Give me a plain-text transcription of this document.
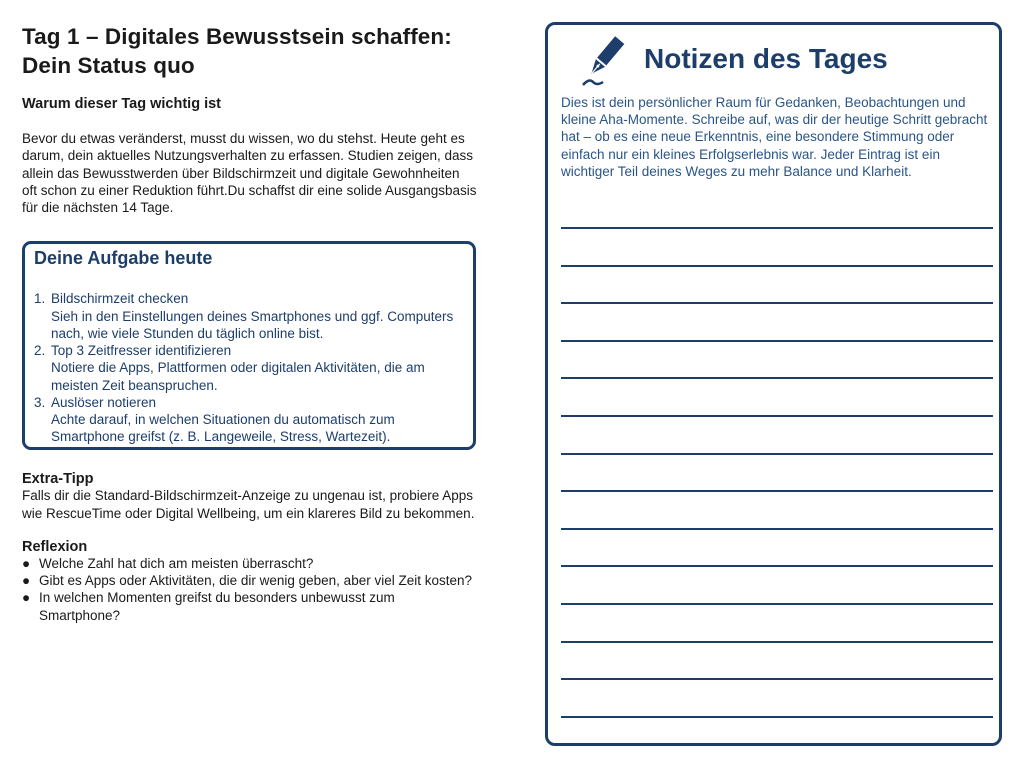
Tag 1 – Digitales Bewusstsein schaffen: Dein Status quo
Warum dieser Tag wichtig ist

Bevor du etwas veränderst, musst du wissen, wo du stehst. Heute geht es darum, dein aktuelles Nutzungsverhalten zu erfassen. Studien zeigen, dass allein das Bewusstwerden über Bildschirmzeit und digitale Gewohnheiten oft schon zu einer Reduktion führt.Du schaffst dir eine solide Ausgangsbasis für die nächsten 14 Tage.

Deine Aufgabe heute
1. Bildschirmzeit checken
Sieh in den Einstellungen deines Smartphones und ggf. Computers nach, wie viele Stunden du täglich online bist.
2. Top 3 Zeitfresser identifizieren
Notiere die Apps, Plattformen oder digitalen Aktivitäten, die am meisten Zeit beanspruchen.
3. Auslöser notieren
Achte darauf, in welchen Situationen du automatisch zum Smartphone greifst (z. B. Langeweile, Stress, Wartezeit).
Extra-Tipp

Falls dir die Standard-Bildschirmzeit-Anzeige zu ungenau ist, probiere Apps wie RescueTime oder Digital Wellbeing, um ein klareres Bild zu bekommen.

Reflexion
● Welche Zahl hat dich am meisten überrascht?
● Gibt es Apps oder Aktivitäten, die dir wenig geben, aber viel Zeit kosten?
● In welchen Momenten greifst du besonders unbewusst zum Smartphone?
Notizen des Tages

Dies ist dein persönlicher Raum für Gedanken, Beobachtungen und kleine Aha-Momente. Schreibe auf, was dir der heutige Schritt gebracht hat – ob es eine neue Erkenntnis, eine besondere Stimmung oder einfach nur ein kleines Erfolgserlebnis war. Jeder Eintrag ist ein wichtiger Teil deines Weges zu mehr Balance und Klarheit.
